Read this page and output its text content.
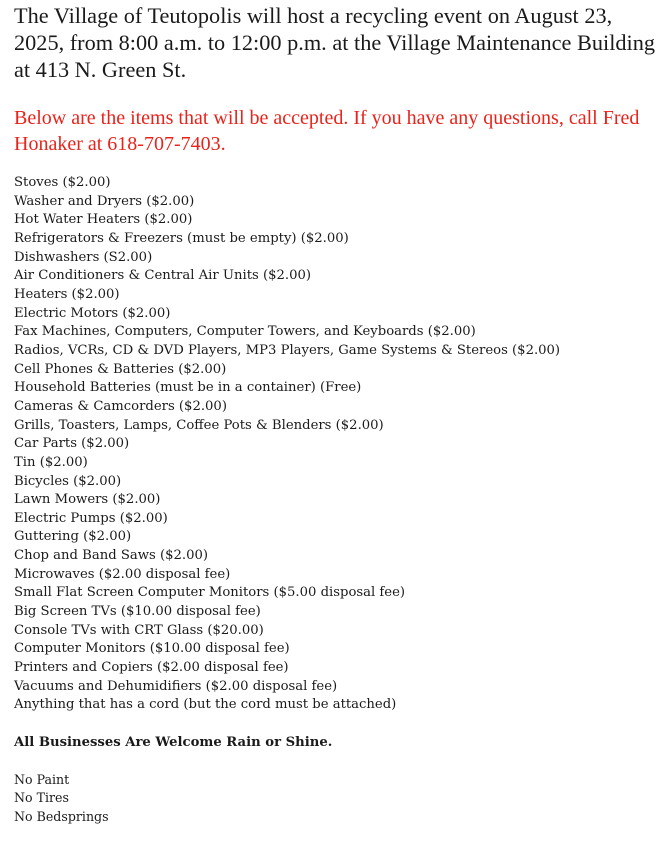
The Village of Teutopolis will host a recycling event on August 23, 2025, from 8:00 a.m. to 12:00 p.m. at the Village Maintenance Building at 413 N. Green St.

Below are the items that will be accepted. If you have any questions, call Fred Honaker at 618-707-7403.

Stoves ($2.00)
Washer and Dryers ($2.00)
Hot Water Heaters ($2.00)
Refrigerators & Freezers (must be empty) ($2.00)
Dishwashers (S2.00)
Air Conditioners & Central Air Units ($2.00)
Heaters ($2.00)
Electric Motors ($2.00)
Fax Machines, Computers, Computer Towers, and Keyboards ($2.00)
Radios, VCRs, CD & DVD Players, MP3 Players, Game Systems & Stereos ($2.00)
Cell Phones & Batteries ($2.00)
Household Batteries (must be in a container) (Free)
Cameras & Camcorders ($2.00)
Grills, Toasters, Lamps, Coffee Pots & Blenders ($2.00)
Car Parts ($2.00)
Tin ($2.00)
Bicycles ($2.00)
Lawn Mowers ($2.00)
Electric Pumps ($2.00)
Guttering ($2.00)
Chop and Band Saws ($2.00)
Microwaves ($2.00 disposal fee)
Small Flat Screen Computer Monitors ($5.00 disposal fee)
Big Screen TVs ($10.00 disposal fee)
Console TVs with CRT Glass ($20.00)
Computer Monitors ($10.00 disposal fee)
Printers and Copiers ($2.00 disposal fee)
Vacuums and Dehumidifiers ($2.00 disposal fee)
Anything that has a cord (but the cord must be attached)

All Businesses Are Welcome Rain or Shine.

No Paint
No Tires
No Bedsprings
